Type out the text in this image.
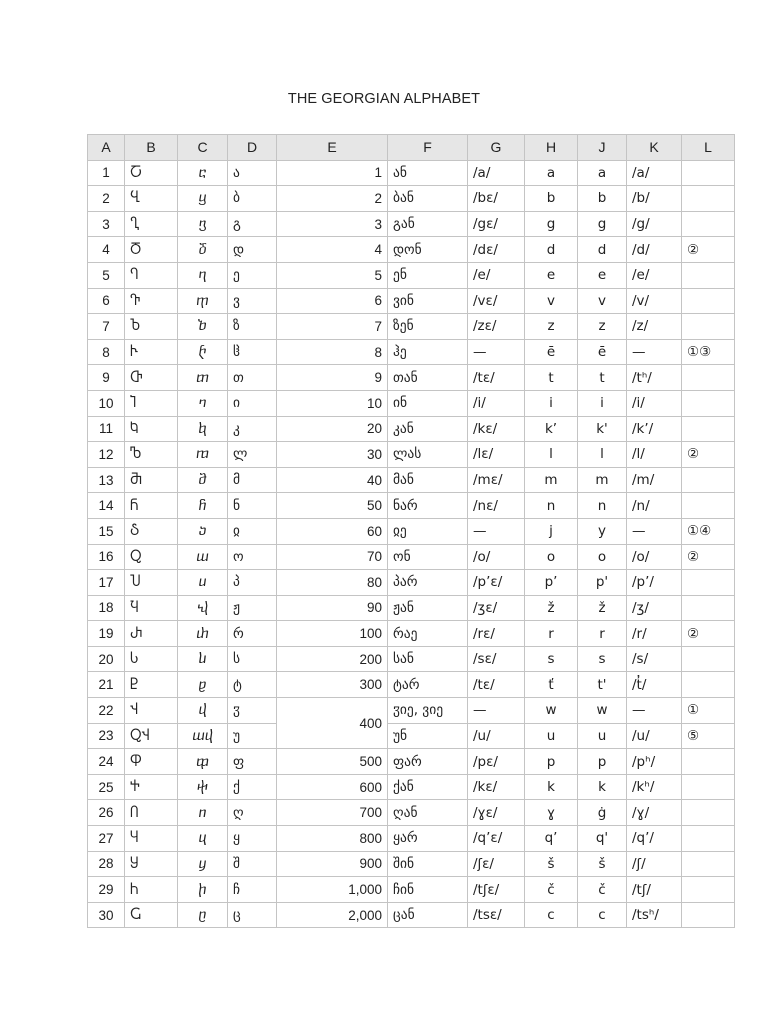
THE GEORGIAN ALPHABET
A	B	C	D	E	F	G	H	J	K	L
1	Ⴀ	ⴀ	ა	1	ან	/a/	a	a	/a/	
2	Ⴁ	ⴁ	ბ	2	ბან	/bɛ/	b	b	/b/	
3	Ⴂ	ⴂ	გ	3	გან	/gɛ/	g	g	/g/	
4	Ⴃ	ⴃ	დ	4	დონ	/dɛ/	d	d	/d/	②
5	Ⴄ	ⴄ	ე	5	ენ	/e/	e	e	/e/	
6	Ⴅ	ⴅ	ვ	6	ვინ	/vɛ/	v	v	/v/	
7	Ⴆ	ⴆ	ზ	7	ზენ	/zɛ/	z	z	/z/	
8	Ⴡ	ⴡ	ჱ	8	ჰე	—	ē	ē	—	①③
9	Ⴇ	ⴇ	თ	9	თან	/tɛ/	t	t	/tʰ/	
10	Ⴈ	ⴈ	ი	10	ინ	/i/	i	i	/i/	
11	Ⴉ	ⴉ	კ	20	კან	/kɛ/	k’	k'	/k’/	
12	Ⴊ	ⴊ	ლ	30	ლას	/lɛ/	l	l	/l/	②
13	Ⴋ	ⴋ	მ	40	მან	/mɛ/	m	m	/m/	
14	Ⴌ	ⴌ	ნ	50	ნარ	/nɛ/	n	n	/n/	
15	Ⴢ	ⴢ	ჲ	60	ჲე	—	j	y	—	①④
16	Ⴍ	ⴍ	ო	70	ონ	/o/	o	o	/o/	②
17	Ⴎ	ⴎ	პ	80	პარ	/p’ɛ/	p’	p'	/p’/	
18	Ⴏ	ⴏ	ჟ	90	ჟან	/ʒɛ/	ž	ž	/ʒ/	
19	Ⴐ	ⴐ	რ	100	რაე	/rɛ/	r	r	/r/	②
20	Ⴑ	ⴑ	ს	200	სან	/sɛ/	s	s	/s/	
21	Ⴒ	ⴒ	ტ	300	ტარ	/tɛ/	ť	t'	/t̓/	
22	Ⴣ	ⴣ	ჳ	400	ჳიე, ვიე	—	w	w	—	①
23	ႭჃ	ⴍⴣ	უ		უნ	/u/	u	u	/u/	⑤
24	Ⴔ	ⴔ	ფ	500	ფარ	/pɛ/	p	p	/pʰ/	
25	Ⴕ	ⴕ	ქ	600	ქან	/kɛ/	k	k	/kʰ/	
26	Ⴖ	ⴖ	ღ	700	ღან	/ɣɛ/	ɣ	ġ	/ɣ/	
27	Ⴗ	ⴗ	ყ	800	ყარ	/q’ɛ/	q’	q'	/q’/	
28	Ⴘ	ⴘ	შ	900	შინ	/ʃɛ/	š	š	/ʃ/	
29	Ⴙ	ⴙ	ჩ	1,000	ჩინ	/tʃɛ/	č	č	/tʃ/	
30	Ⴚ	ⴚ	ც	2,000	ცან	/tsɛ/	c	c	/tsʰ/	
